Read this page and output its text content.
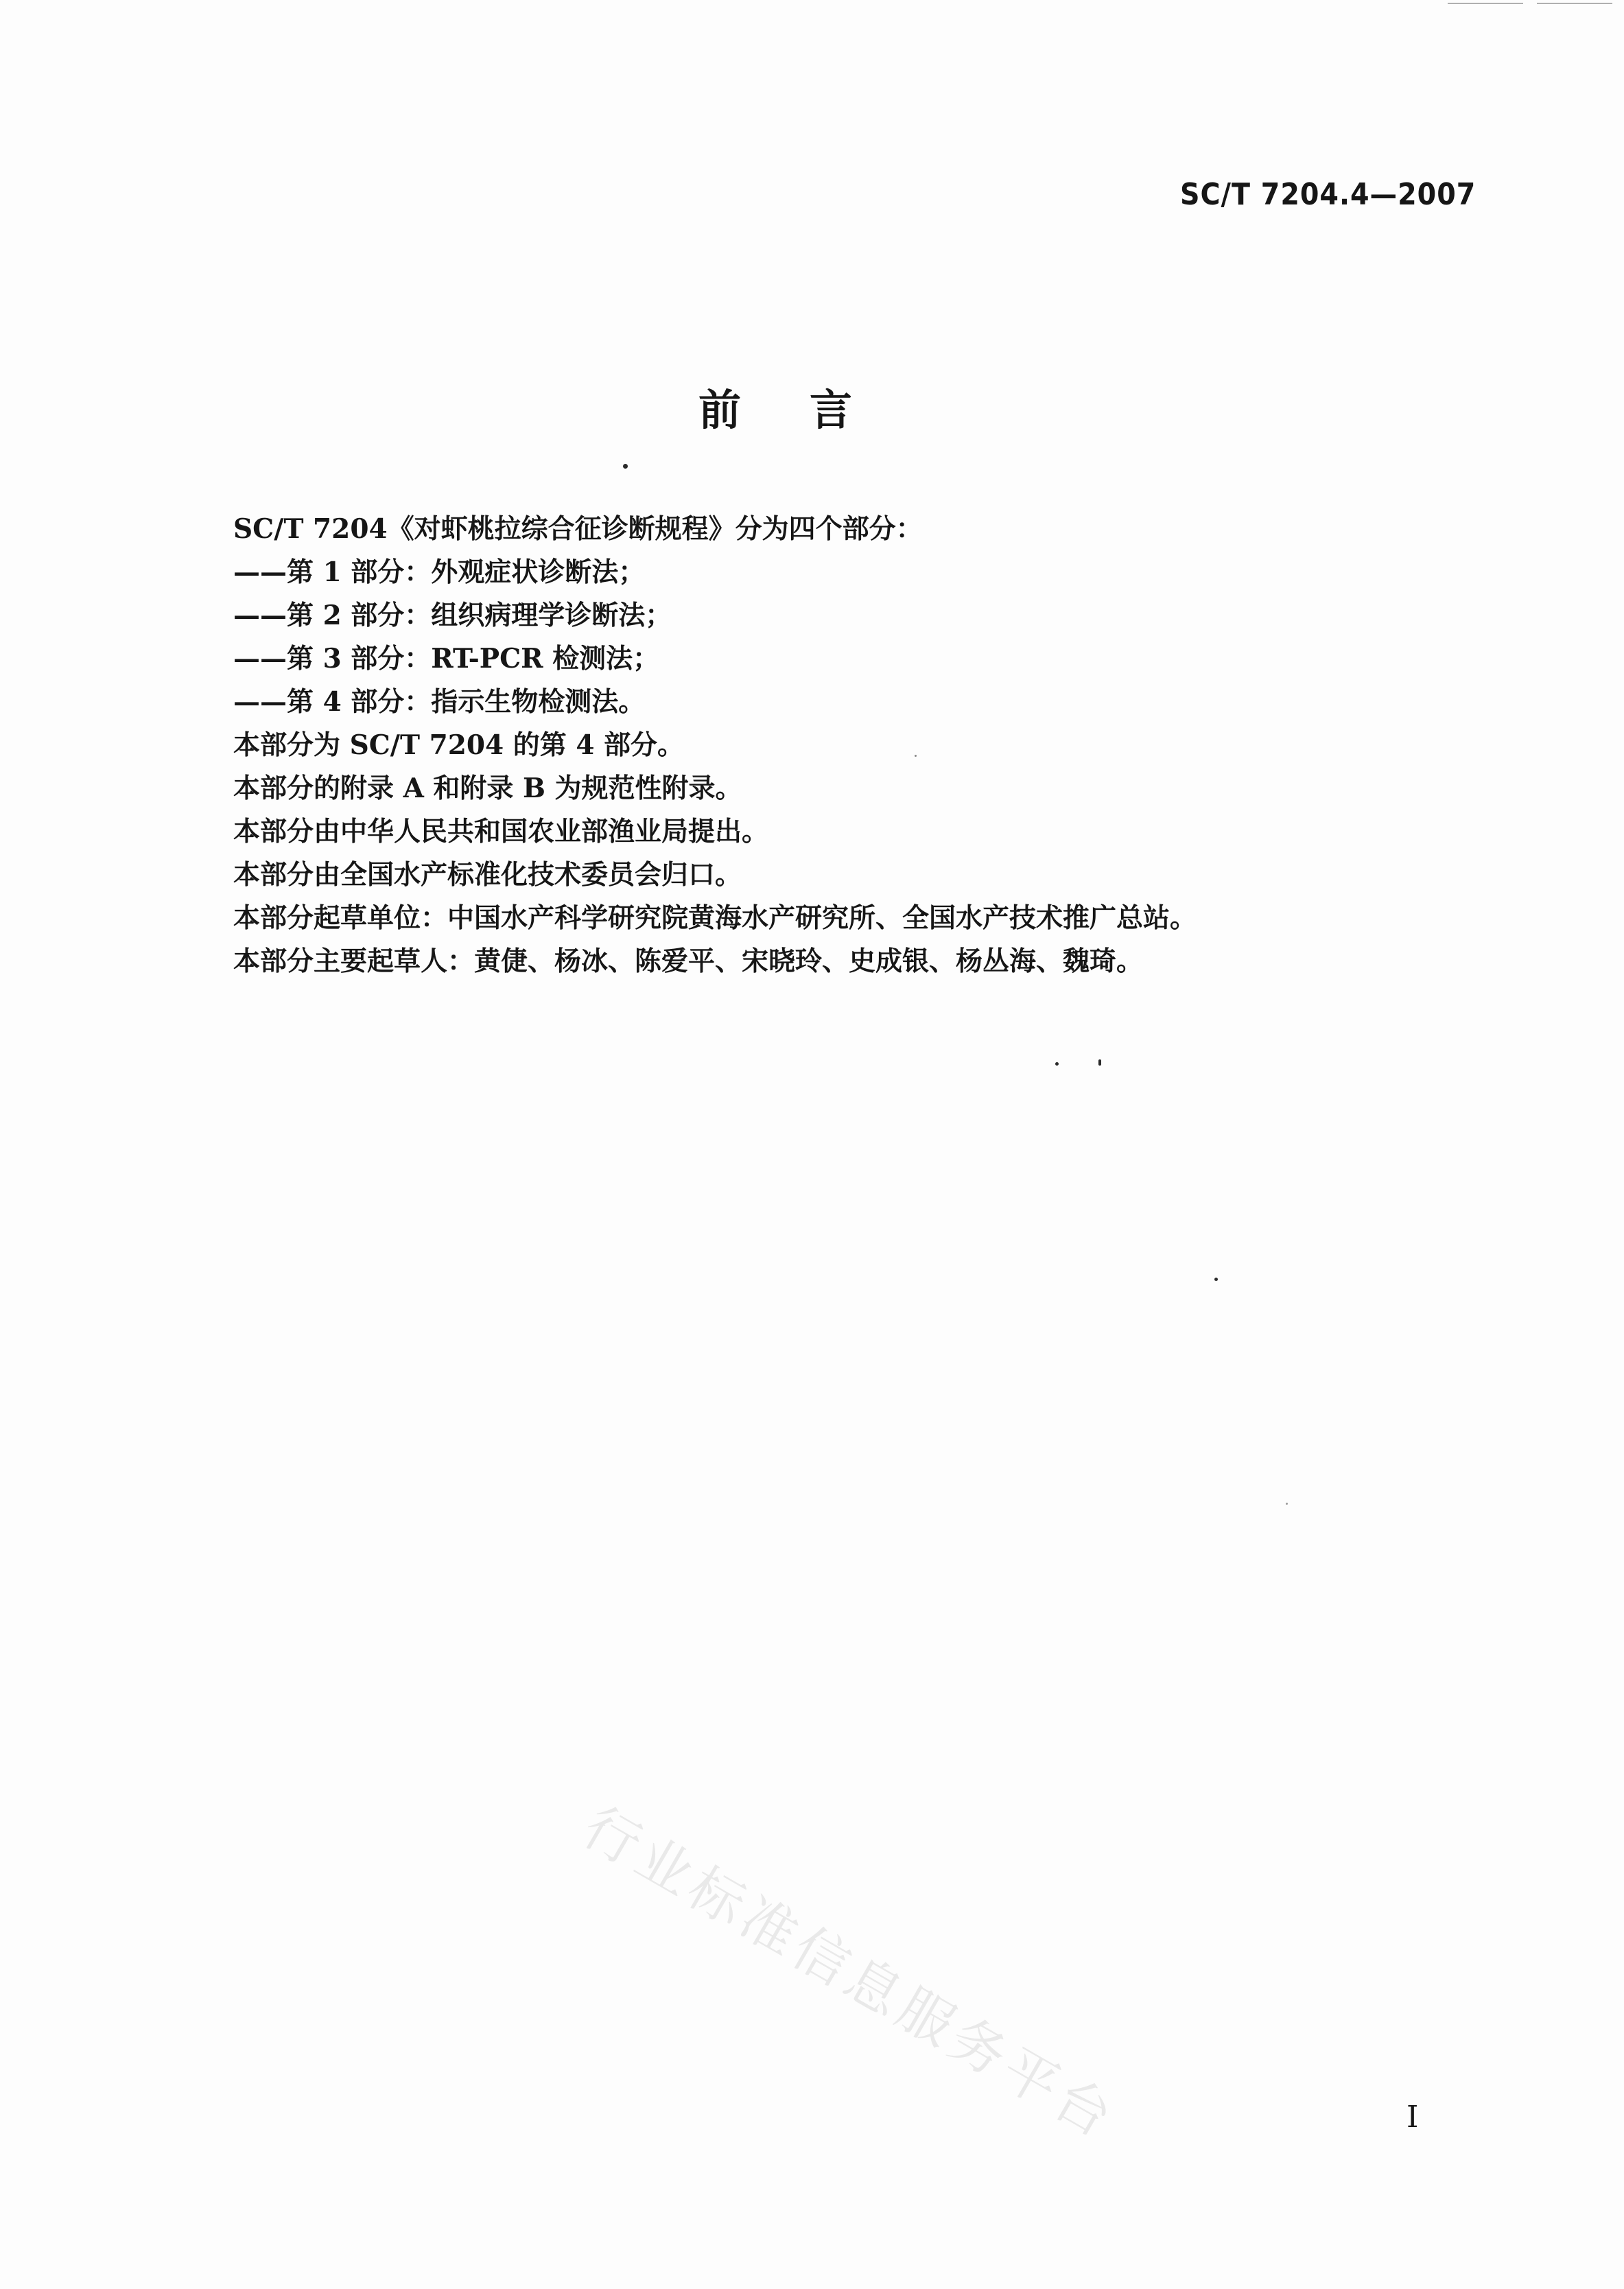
SC/T 7204.4—2007
前言
SC/T 7204《对虾桃拉综合征诊断规程》分为四个部分：
——第 1 部分：外观症状诊断法；
——第 2 部分：组织病理学诊断法；
——第 3 部分：RT-PCR 检测法；
——第 4 部分：指示生物检测法。
本部分为 SC/T 7204 的第 4 部分。
本部分的附录 A 和附录 B 为规范性附录。
本部分由中华人民共和国农业部渔业局提出。
本部分由全国水产标准化技术委员会归口。
本部分起草单位：中国水产科学研究院黄海水产研究所、全国水产技术推广总站。
本部分主要起草人：黄倢、杨冰、陈爱平、宋晓玲、史成银、杨丛海、魏琦。
行业标准信息服务平台	I
